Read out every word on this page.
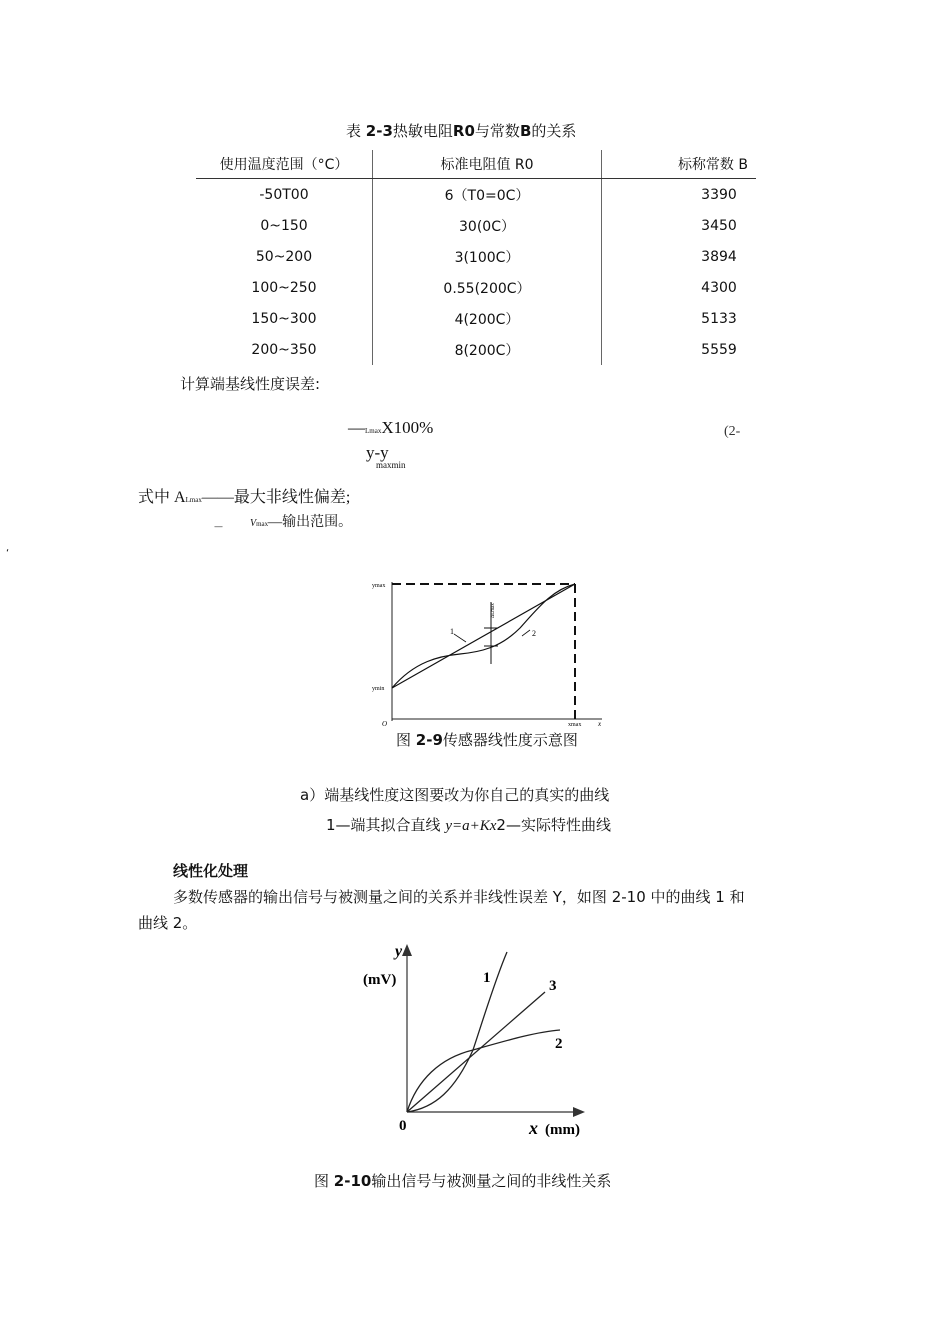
表 2-3热敏电阻R0与常数B的关系
使用温度范围（°C）	标准电阻值 R0	标称常数 B
-50T00	6（T0=0C）	3390
0~150	30(0C）	3450
50~200	3(100C）	3894
100~250	0.55(200C）	4300
150~300	4(200C）	5133
200~350	8(200C）	5559
计算端基线性度误差:
—LmaxX100%	(2-
y-y
maxmin
式中 ALmax——最大非线性偏差;
—	Vmax—输出范围。
‘
ymax
ymin
O	xmax x
1	2
ΔLmax
图 2-9传感器线性度示意图
a）端基线性度这图要改为你自己的真实的曲线
1—端其拟合直线 y=a+Kx2—实际特性曲线
线性化处理
多数传感器的输出信号与被测量之间的关系并非线性误差 Y，如图 2-10 中的曲线 1 和
曲线 2。
y
(mV)
0	x (mm)
1
2
3
图 2-10输出信号与被测量之间的非线性关系
